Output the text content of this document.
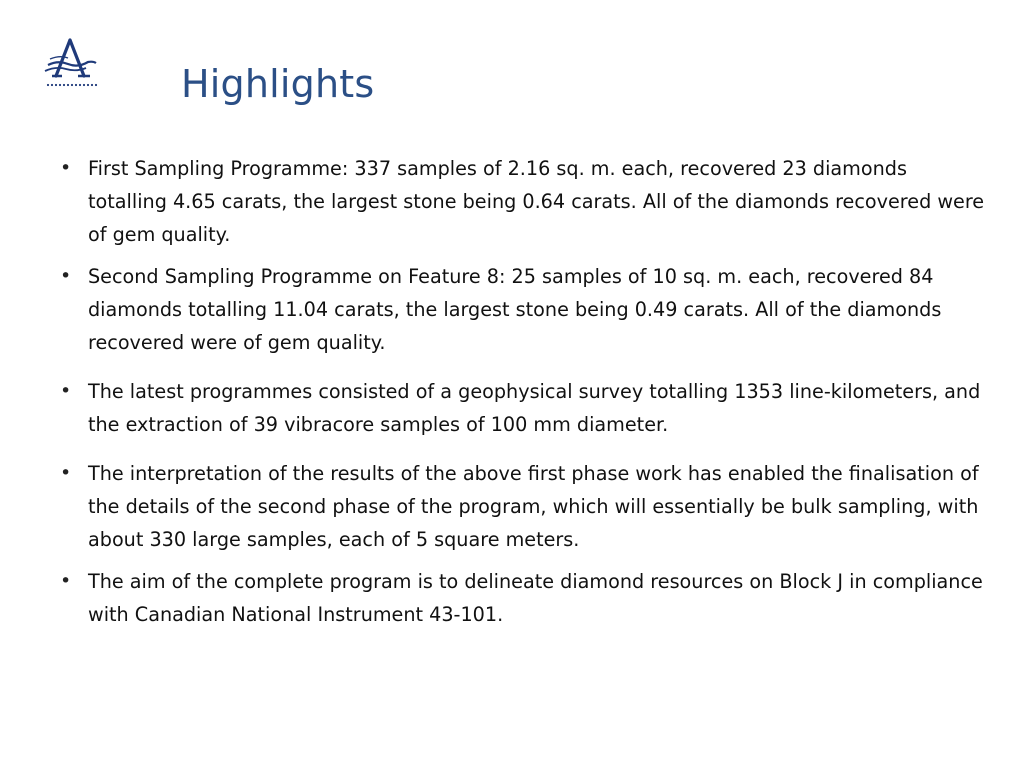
Highlights
• First Sampling Programme: 337 samples of 2.16 sq. m. each, recovered 23 diamonds totalling 4.65 carats, the largest stone being 0.64 carats. All of the diamonds recovered were of gem quality.
• Second Sampling Programme on Feature 8: 25 samples of 10 sq. m. each, recovered 84 diamonds totalling 11.04 carats, the largest stone being 0.49 carats. All of the diamonds recovered were of gem quality.
• The latest programmes consisted of a geophysical survey totalling 1353 line-kilometers, and the extraction of 39 vibracore samples of 100 mm diameter.
• The interpretation of the results of the above first phase work has enabled the finalisation of the details of the second phase of the program, which will essentially be bulk sampling, with about 330 large samples, each of 5 square meters.
• The aim of the complete program is to delineate diamond resources on Block J in compliance with Canadian National Instrument 43-101.
